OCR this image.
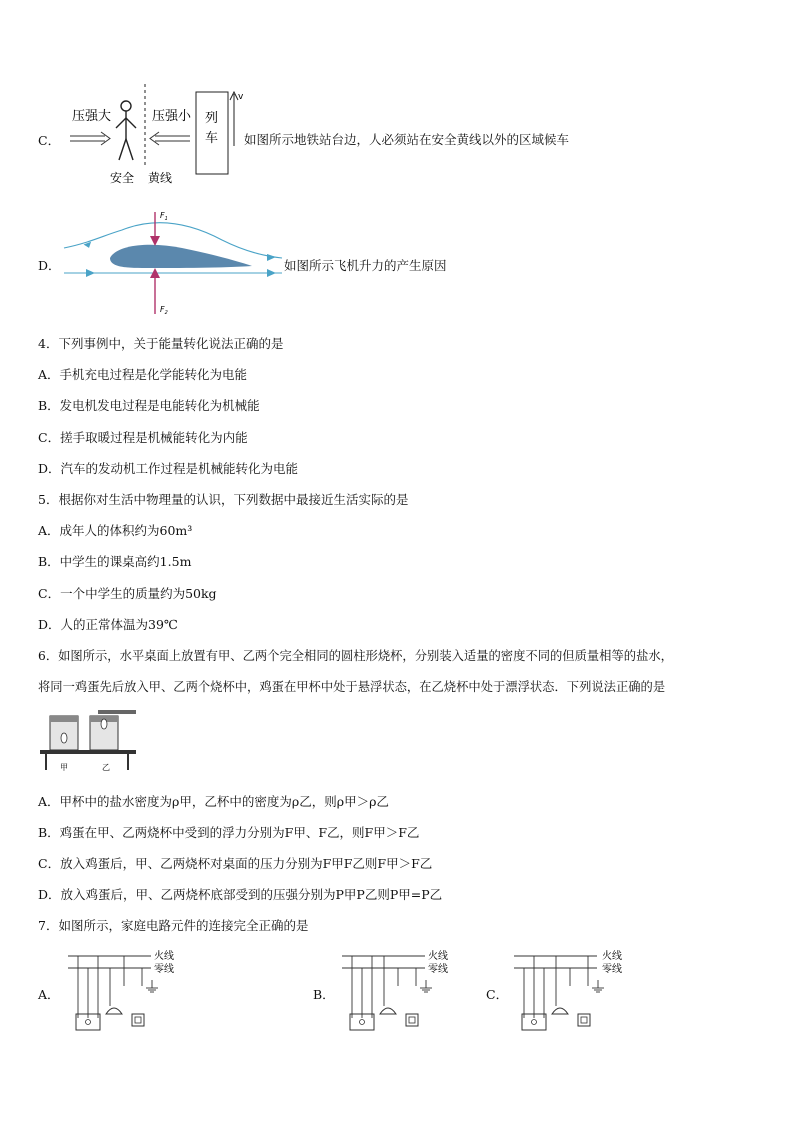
C．
压强大	压强小
安全 黄线
列
车
v
如图所示地铁站台边，人必须站在安全黄线以外的区域候车
D．
$F_1$
$F_2$
如图所示飞机升力的产生原因
4．下列事例中，关于能量转化说法正确的是
A．手机充电过程是化学能转化为电能
B．发电机发电过程是电能转化为机械能
C．搓手取暖过程是机械能转化为内能
D．汽车的发动机工作过程是机械能转化为电能
5．根据你对生活中物理量的认识，下列数据中最接近生活实际的是
A．成年人的体积约为60m³
B．中学生的课桌高约1.5m
C．一个中学生的质量约为50kg
D．人的正常体温为39℃
6．如图所示，水平桌面上放置有甲、乙两个完全相同的圆柱形烧杯，分别装入适量的密度不同的但质量相等的盐水，
将同一鸡蛋先后放入甲、乙两个烧杯中，鸡蛋在甲杯中处于悬浮状态，在乙烧杯中处于漂浮状态．下列说法正确的是
甲	乙
A．甲杯中的盐水密度为ρ甲，乙杯中的密度为ρ乙，则ρ甲＞ρ乙
B．鸡蛋在甲、乙两烧杯中受到的浮力分别为F甲、F乙，则F甲＞F乙
C．放入鸡蛋后，甲、乙两烧杯对桌面的压力分别为F甲F乙则F甲＞F乙
D．放入鸡蛋后，甲、乙两烧杯底部受到的压强分别为P甲P乙则P甲=P乙
7．如图所示，家庭电路元件的连接完全正确的是
A．
火线
零线
B．
火线
零线
C．
火线
零线
